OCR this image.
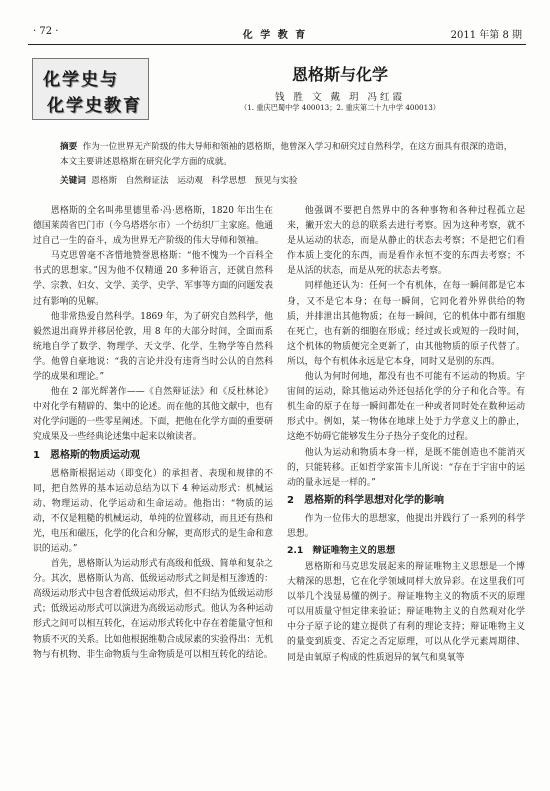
· 72 ·	化 学 教 育	2011 年第 8 期
化学史与
化学史教育
恩格斯与化学
钱 胜 文 戴 玥 冯红霞
（1. 重庆巴蜀中学 400013；2. 重庆第二十九中学 400013）
摘要 作为一位世界无产阶级的伟大导师和领袖的恩格斯，他曾深入学习和研究过自然科学，在这方面具有很深的造诣，本文主要讲述恩格斯在研究化学方面的成就。
关键词 恩格斯　自然辩证法　运动观　科学思想　预见与实验

恩格斯的全名叫弗里德里希·冯·恩格斯，1820 年出生在德国莱茵省巴门市（今乌塔塔尔市）一个纺织厂主家庭。他通过自己一生的奋斗，成为世界无产阶级的伟大导师和领袖。

马克思曾毫不吝惜地赞誉恩格斯：“他不愧为一个百科全书式的思想家。”因为他不仅精通 20 多种语言，还就自然科学、宗教、妇女、文学、美学、史学、军事等方面的问题发表过有影响的见解。

他非常热爱自然科学。1869 年，为了研究自然科学，他毅然退出商界并移居伦敦，用 8 年的大部分时间，全面而系统地自学了数学、物理学、天文学、化学、生物学等自然科学。他曾自豪地说：“我的言论并没有违背当时公认的自然科学的成果和理论。”

他在 2 部光辉著作——《自然辩证法》和《反杜林论》中对化学有精辟的、集中的论述。而在他的其他文献中，也有对化学问题的一些零星阐述。下面，把他在化学方面的重要研究成果及一些经典论述集中起来以飨读者。

1　恩格斯的物质运动观

恩格斯根据运动（即变化）的承担者、表现和规律的不同，把自然界的基本运动总结为以下 4 种运动形式：机械运动、物理运动、化学运动和生命运动。他指出：“物质的运动，不仅是粗糙的机械运动，单纯的位置移动，而且还有热和光，电压和磁压，化学的化合和分解，更高形式的是生命和意识的运动。”

首先，恩格斯认为运动形式有高级和低级、简单和复杂之分。其次，恩格斯认为高、低级运动形式之间是相互渗透的：高级运动形式中包含着低级运动形式，但不归结为低级运动形式；低级运动形式可以演进为高级运动形式。他认为各种运动形式之间可以相互转化，在运动形式转化中存在着能量守恒和物质不灭的关系。比如他根据维勒合成尿素的实验得出：无机物与有机物、非生命物质与生命物质是可以相互转化的结论。

他强调不要把自然界中的各种事物和各种过程孤立起来，撇开宏大的总的联系去进行考察。因为这种考察，就不是从运动的状态，而是从静止的状态去考察；不是把它们看作本质上变化的东西，而是看作永恒不变的东西去考察；不是从活的状态，而是从死的状态去考察。

同样他还认为：任何一个有机体，在每一瞬间都是它本身，又不是它本身；在每一瞬间，它同化着外界供给的物质，并排泄出其他物质；在每一瞬间，它的机体中都有细胞在死亡，也有新的细胞在形成；经过或长或短的一段时间，这个机体的物质便完全更新了，由其他物质的原子代替了。所以，每个有机体永远是它本身，同时又是别的东西。

他认为何时何地，都没有也不可能有不运动的物质。宇宙间的运动，除其他运动外还包括化学的分子和化合等。有机生命的原子在每一瞬间都处在一种或者同时处在数种运动形式中。例如，某一物体在地球上处于力学意义上的静止，这绝不妨碍它能够发生分子热分子变化的过程。

他认为运动和物质本身一样，是既不能创造也不能消灭的，只能转移。正如哲学家笛卡儿所说：“存在于宇宙中的运动的量永远是一样的。”

2　恩格斯的科学思想对化学的影响

作为一位伟大的思想家，他提出并践行了一系列的科学思想。

2.1　辩证唯物主义的思想

恩格斯和马克思发展起来的辩证唯物主义思想是一个博大精深的思想，它在化学领域同样大放异彩。在这里我们可以举几个浅显易懂的例子。辩证唯物主义的物质不灭的原理可以用质量守恒定律来验证；辩证唯物主义的自然观对化学中分子原子论的建立提供了有利的理论支持；辩证唯物主义的量变到质变、否定之否定原理，可以从化学元素周期律、同是由氧原子构成的性质迥异的氧气和臭氧等
